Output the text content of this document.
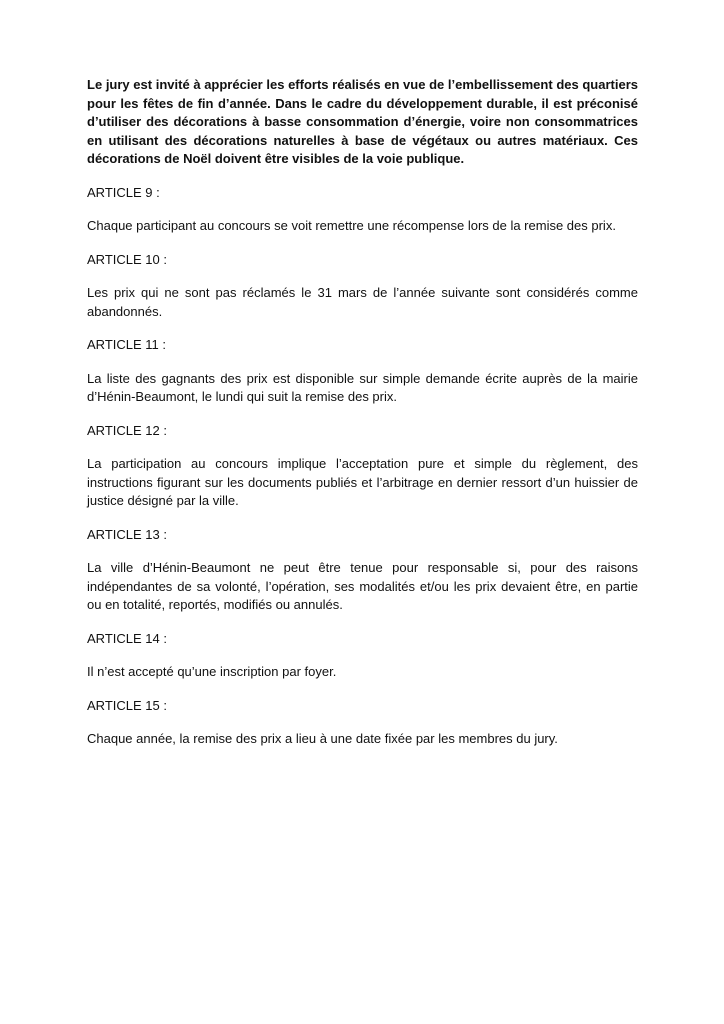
Le jury est invité à apprécier les efforts réalisés en vue de l’embellissement des quartiers pour les fêtes de fin d’année. Dans le cadre du développement durable, il est préconisé d’utiliser des décorations à basse consommation d’énergie, voire non consommatrices en utilisant des décorations naturelles à base de végétaux ou autres matériaux. Ces décorations de Noël doivent être visibles de la voie publique.

ARTICLE 9 :

Chaque participant au concours se voit remettre une récompense lors de la remise des prix.

ARTICLE 10 :

Les prix qui ne sont pas réclamés le 31 mars de l’année suivante sont considérés comme abandonnés.

ARTICLE 11 :

La liste des gagnants des prix est disponible sur simple demande écrite auprès de la mairie d’Hénin-Beaumont, le lundi qui suit la remise des prix.

ARTICLE 12 :

La participation au concours implique l’acceptation pure et simple du règlement, des instructions figurant sur les documents publiés et l’arbitrage en dernier ressort d’un huissier de justice désigné par la ville.

ARTICLE 13 :

La ville d’Hénin-Beaumont ne peut être tenue pour responsable si, pour des raisons indépendantes de sa volonté, l’opération, ses modalités et/ou les prix devaient être, en partie ou en totalité, reportés, modifiés ou annulés.

ARTICLE 14 :

Il n’est accepté qu’une inscription par foyer.

ARTICLE 15 :

Chaque année, la remise des prix a lieu à une date fixée par les membres du jury.
